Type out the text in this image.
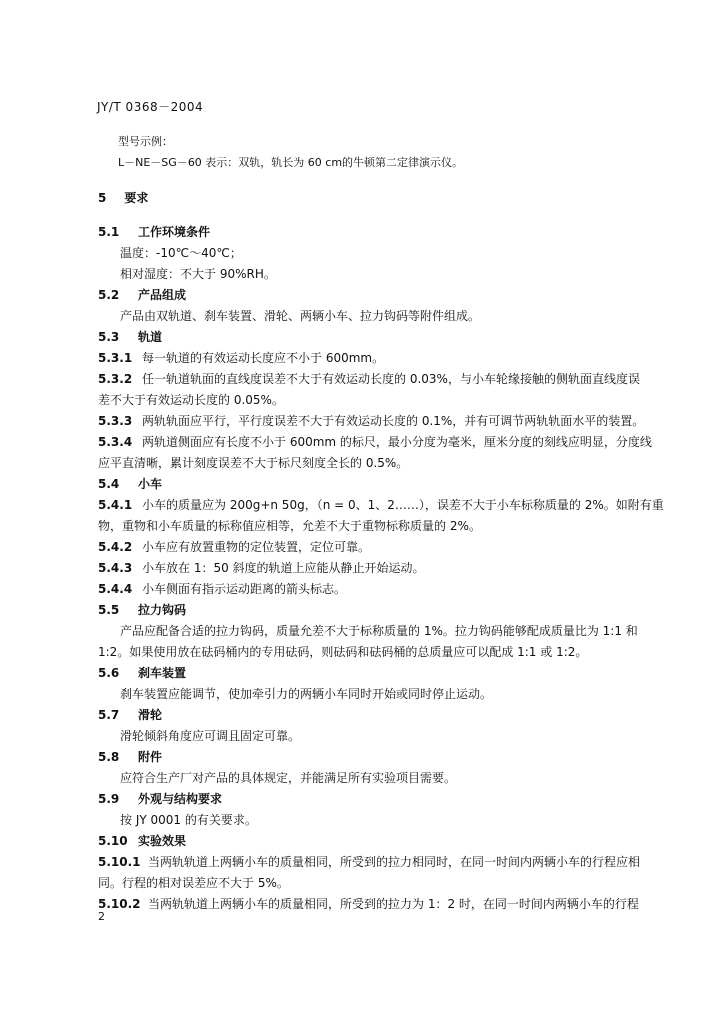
JY/T 0368－2004
型号示例：
L－NE－SG－60 表示：双轨，轨长为 60 cm的牛顿第二定律演示仪。
5 要求
5.1 工作环境条件
温度：-10℃～40℃；
相对湿度：不大于 90%RH。
5.2 产品组成
产品由双轨道、刹车装置、滑轮、两辆小车、拉力钩码等附件组成。
5.3 轨道
5.3.1 每一轨道的有效运动长度应不小于 600mm。
5.3.2 任一轨道轨面的直线度误差不大于有效运动长度的 0.03%，与小车轮缘接触的侧轨面直线度误
差不大于有效运动长度的 0.05%。
5.3.3 两轨轨面应平行，平行度误差不大于有效运动长度的 0.1%，并有可调节两轨轨面水平的装置。
5.3.4 两轨道侧面应有长度不小于 600mm 的标尺，最小分度为毫米，厘米分度的刻线应明显，分度线
应平直清晰，累计刻度误差不大于标尺刻度全长的 0.5%。
5.4 小车
5.4.1 小车的质量应为 200g+n 50g，（n = 0、1、2……），误差不大于小车标称质量的 2%。如附有重
物，重物和小车质量的标称值应相等，允差不大于重物标称质量的 2%。
5.4.2 小车应有放置重物的定位装置，定位可靠。
5.4.3 小车放在 1：50 斜度的轨道上应能从静止开始运动。
5.4.4 小车侧面有指示运动距离的箭头标志。
5.5 拉力钩码
产品应配备合适的拉力钩码，质量允差不大于标称质量的 1%。拉力钩码能够配成质量比为 1:1 和
1:2。如果使用放在砝码桶内的专用砝码，则砝码和砝码桶的总质量应可以配成 1:1 或 1:2。
5.6 刹车装置
刹车装置应能调节，使加牵引力的两辆小车同时开始或同时停止运动。
5.7 滑轮
滑轮倾斜角度应可调且固定可靠。
5.8 附件
应符合生产厂对产品的具体规定，并能满足所有实验项目需要。
5.9 外观与结构要求
按 JY 0001 的有关要求。
5.10 实验效果
5.10.1 当两轨轨道上两辆小车的质量相同，所受到的拉力相同时，在同一时间内两辆小车的行程应相
同。行程的相对误差应不大于 5%。
5.10.2 当两轨轨道上两辆小车的质量相同，所受到的拉力为 1：2 时，在同一时间内两辆小车的行程
2
